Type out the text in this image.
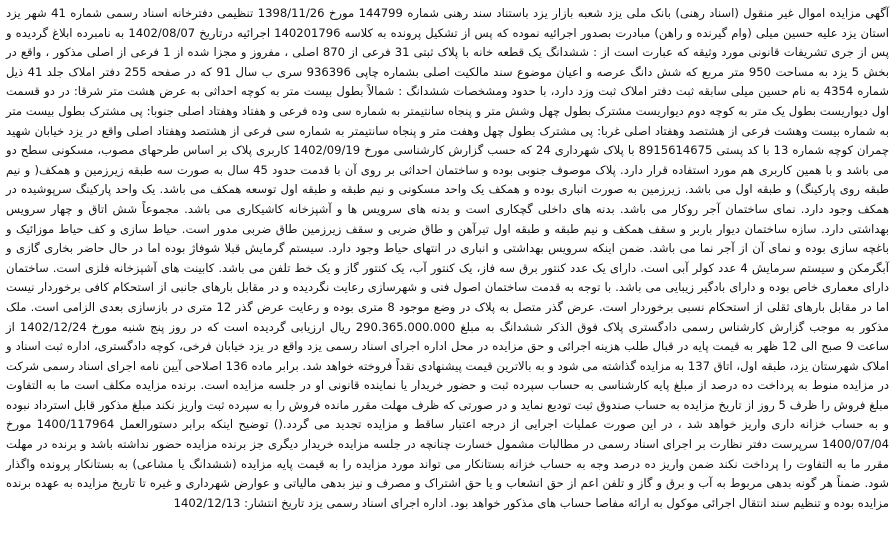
آگهی مزایده اموال غیر منقول (اسناد رهنی) بانک ملی یزد شعبه بازار یزد باستناد سند رهنی شماره 144799 مورخ 1398/11/26 تنظیمی دفترخانه اسناد رسمی شماره 41 شهر یزد استان یزد علیه حسین میلی (وام گیرنده و راهن) مبادرت بصدور اجرائیه نموده که پس از تشکیل پرونده به کلاسه 140201796 اجرائیه درتاریخ 1402/08/07 به نامبرده ابلاغ گردیده و پس از جری تشریفات قانونی مورد وثیقه که عبارت است از : ششدانگ یک قطعه خانه با پلاک ثبتی 31 فرعی از 870 اصلی ، مفروز و مجزا شده از 1 فرعی از اصلی مذکور ، واقع در بخش 5 یزد به مساحت 950 متر مربع که شش دانگ عرصه و اعیان موضوع سند مالکیت اصلی بشماره چاپی 936396 سری ب سال 91 که در صفحه 255 دفتر املاک جلد 41 ذیل شماره 4354 به نام حسین میلی سابقه ثبت دفتر املاک ثبت وزد دارد، با حدود ومشخصات ششدانگ : شمالاً بطول بیست متر به کوچه احداثی به عرض هشت متر شرقا: در دو قسمت اول دیواریست بطول یک متر به کوچه دوم دیواریست مشترک بطول چهل وشش متر و پنجاه سانتیمتر به شماره سی وده فرعی و هفتاد وهفتاد اصلی جنوبا: پی مشترک بطول بیست متر به شماره بیست وهشت فرعی از هشتصد وهفتاد اصلی غربا: پی مشترک بطول چهل وهفت متر و پنجاه سانتیمتر به شماره سی فرعی از هشتصد وهفتاد اصلی واقع در یزد خیابان شهید چمران کوچه شماره 13 با کد پستی 8915614675 با پلاک شهرداری 24 که حسب گزارش کارشناسی مورخ 1402/09/19 کاربری پلاک بر اساس طرحهای مصوب، مسکونی سطح دو می باشد و با همین کاربری هم مورد استفاده قرار دارد. پلاک موصوف جنوبی بوده و ساختمان احداثی بر روی آن با قدمت حدود 45 سال به صورت سه طبقه زیرزمین و همکف( و نیم طبقه روی پارکینگ) و طبقه اول می باشد. زیرزمین به صورت انباری بوده و همکف یک واحد مسکونی و نیم طبقه و طبقه اول توسعه همکف می باشد. یک واحد پارکینگ سرپوشیده در همکف وجود دارد. نمای ساختمان آجر روکار می باشد. بدنه های داخلی گچکاری است و بدنه های سرویس ها و آشپزخانه کاشیکاری می باشد. مجموعاً شش اتاق و چهار سرویس بهداشتی دارد. سازه ساختمان دیوار باربر و سقف همکف و نیم طبقه و طبقه اول تیرآهن و طاق ضربی و سقف زیرزمین طاق ضربی مدور است. حیاط سازی و کف حیاط موزائیک و باغچه سازی بوده و نمای آن از آجر نما می باشد. ضمن اینکه سرویس بهداشتی و انباری در انتهای حیاط وجود دارد. سیستم گرمایش قبلا شوفاژ بوده اما در حال حاضر بخاری گازی و آبگرمکن و سیستم سرمایش 4 عدد کولر آبی است. دارای یک عدد کنتور برق سه فاز، یک کنتور آب، یک کنتور گاز و یک خط تلفن می باشد. کابینت های آشپزخانه فلزی است. ساختمان دارای معماری خاص بوده و دارای بادگیر زیبایی می باشد. با توجه به قدمت ساختمان اصول فنی و شهرسازی رعایت نگردیده و در مقابل بارهای جانبی از استحکام کافی برخوردار نیست اما در مقابل بارهای ثقلی از استحکام نسبی برخوردار است. عرض گذر متصل به پلاک در وضع موجود 8 متری بوده و رعایت عرض گذر 12 متری در بازسازی بعدی الزامی است. ملک مذکور به موجب گزارش کارشناس رسمی دادگستری پلاک فوق الذکر ششدانگ به مبلغ 290.365.000.000 ریال ارزیابی گردیده است که در روز پنج شنبه مورخ 1402/12/24 از ساعت 9 صبح الی 12 ظهر به قیمت پایه در قبال طلب هزینه اجرائی و حق مزایده در محل اداره اجرای اسناد رسمی یزد واقع در یزد خیابان فرخی، کوچه دادگستری، اداره ثبت اسناد و املاک شهرستان یزد، طبقه اول، اتاق 137 به مزایده گذاشته می شود و به بالاترین قیمت پیشنهادی نقداً فروخته خواهد شد. برابر ماده 136 اصلاحی آیین نامه اجرای اسناد رسمی شرکت در مزایده منوط به پرداخت ده درصد از مبلغ پایه کارشناسی به حساب سپرده ثبت و حضور خریدار یا نماینده قانونی او در جلسه مزایده است. برنده مزایده مکلف است ما به التفاوت مبلغ فروش را ظرف 5 روز از تاریخ مزایده به حساب صندوق ثبت تودیع نماید و در صورتی که ظرف مهلت مقرر مانده فروش را به سپرده ثبت واریز نکند مبلغ مذکور قابل استرداد نبوده و به حساب خزانه داری واریز خواهد شد ، در این صورت عملیات اجرایی از درجه اعتبار ساقط و مزایده تجدید می گردد.() توضیح اینکه برابر دستورالعمل 1400/117964 مورخ 1400/07/04 سرپرست دفتر نظارت بر اجرای اسناد رسمی در مطالبات مشمول خسارت چنانچه در جلسه مزایده خریدار دیگری جز برنده مزایده حضور نداشته باشد و برنده در مهلت مقرر ما به التفاوت را پرداخت نکند ضمن واریز ده درصد وجه به حساب خزانه بستانکار می تواند مورد مزایده را به قیمت پایه مزایده (ششدانگ یا مشاعی) به بستانکار پرونده واگذار شود. ضمناً هر گونه بدهی مربوط به آب و برق و گاز و تلفن اعم از حق انشعاب و یا حق اشتراک و مصرف و نیز بدهی مالیاتی و عوارض شهرداری و غیره تا تاریخ مزایده به عهده برنده مزایده بوده و تنظیم سند انتقال اجرائی موکول به ارائه مفاصا حساب های مذکور خواهد بود. اداره اجرای اسناد رسمی یزد تاریخ انتشار: 1402/12/13
